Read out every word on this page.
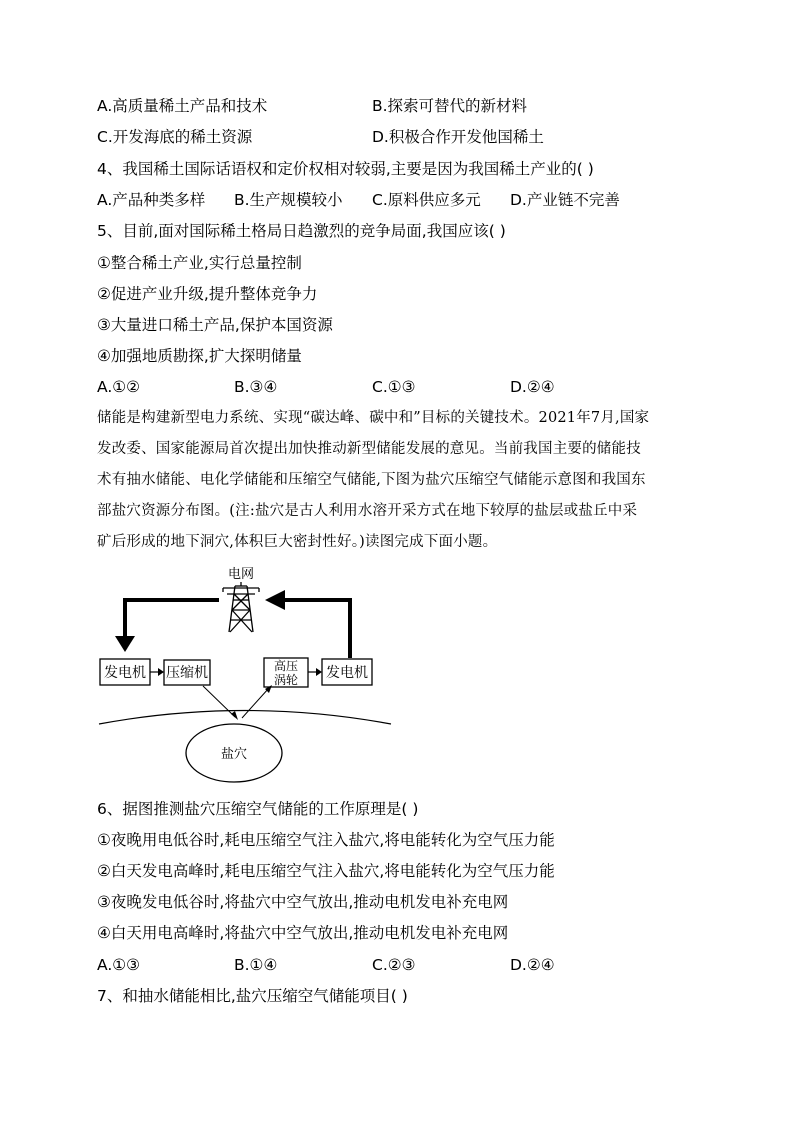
A.高质量稀土产品和技术	B.探索可替代的新材料
C.开发海底的稀土资源	D.积极合作开发他国稀土
4、我国稀土国际话语权和定价权相对较弱,主要是因为我国稀土产业的( )
A.产品种类多样 B.生产规模较小 C.原料供应多元 D.产业链不完善
5、目前,面对国际稀土格局日趋激烈的竞争局面,我国应该( )
①整合稀土产业,实行总量控制
②促进产业升级,提升整体竞争力
③大量进口稀土产品,保护本国资源
④加强地质勘探,扩大探明储量
A.①②	B.③④	C.①③	D.②④
储能是构建新型电力系统、实现“碳达峰、碳中和”目标的关键技术。2021年7月,国家
发改委、国家能源局首次提出加快推动新型储能发展的意见。当前我国主要的储能技
术有抽水储能、电化学储能和压缩空气储能,下图为盐穴压缩空气储能示意图和我国东
部盐穴资源分布图。(注:盐穴是古人利用水溶开采方式在地下较厚的盐层或盐丘中采
矿后形成的地下洞穴,体积巨大密封性好。)读图完成下面小题。
电网
发电机 压缩机	高压
涡轮 发电机
盐穴
6、据图推测盐穴压缩空气储能的工作原理是( )
①夜晚用电低谷时,耗电压缩空气注入盐穴,将电能转化为空气压力能
②白天发电高峰时,耗电压缩空气注入盐穴,将电能转化为空气压力能
③夜晚发电低谷时,将盐穴中空气放出,推动电机发电补充电网
④白天用电高峰时,将盐穴中空气放出,推动电机发电补充电网
A.①③	B.①④	C.②③	D.②④
7、和抽水储能相比,盐穴压缩空气储能项目( )
